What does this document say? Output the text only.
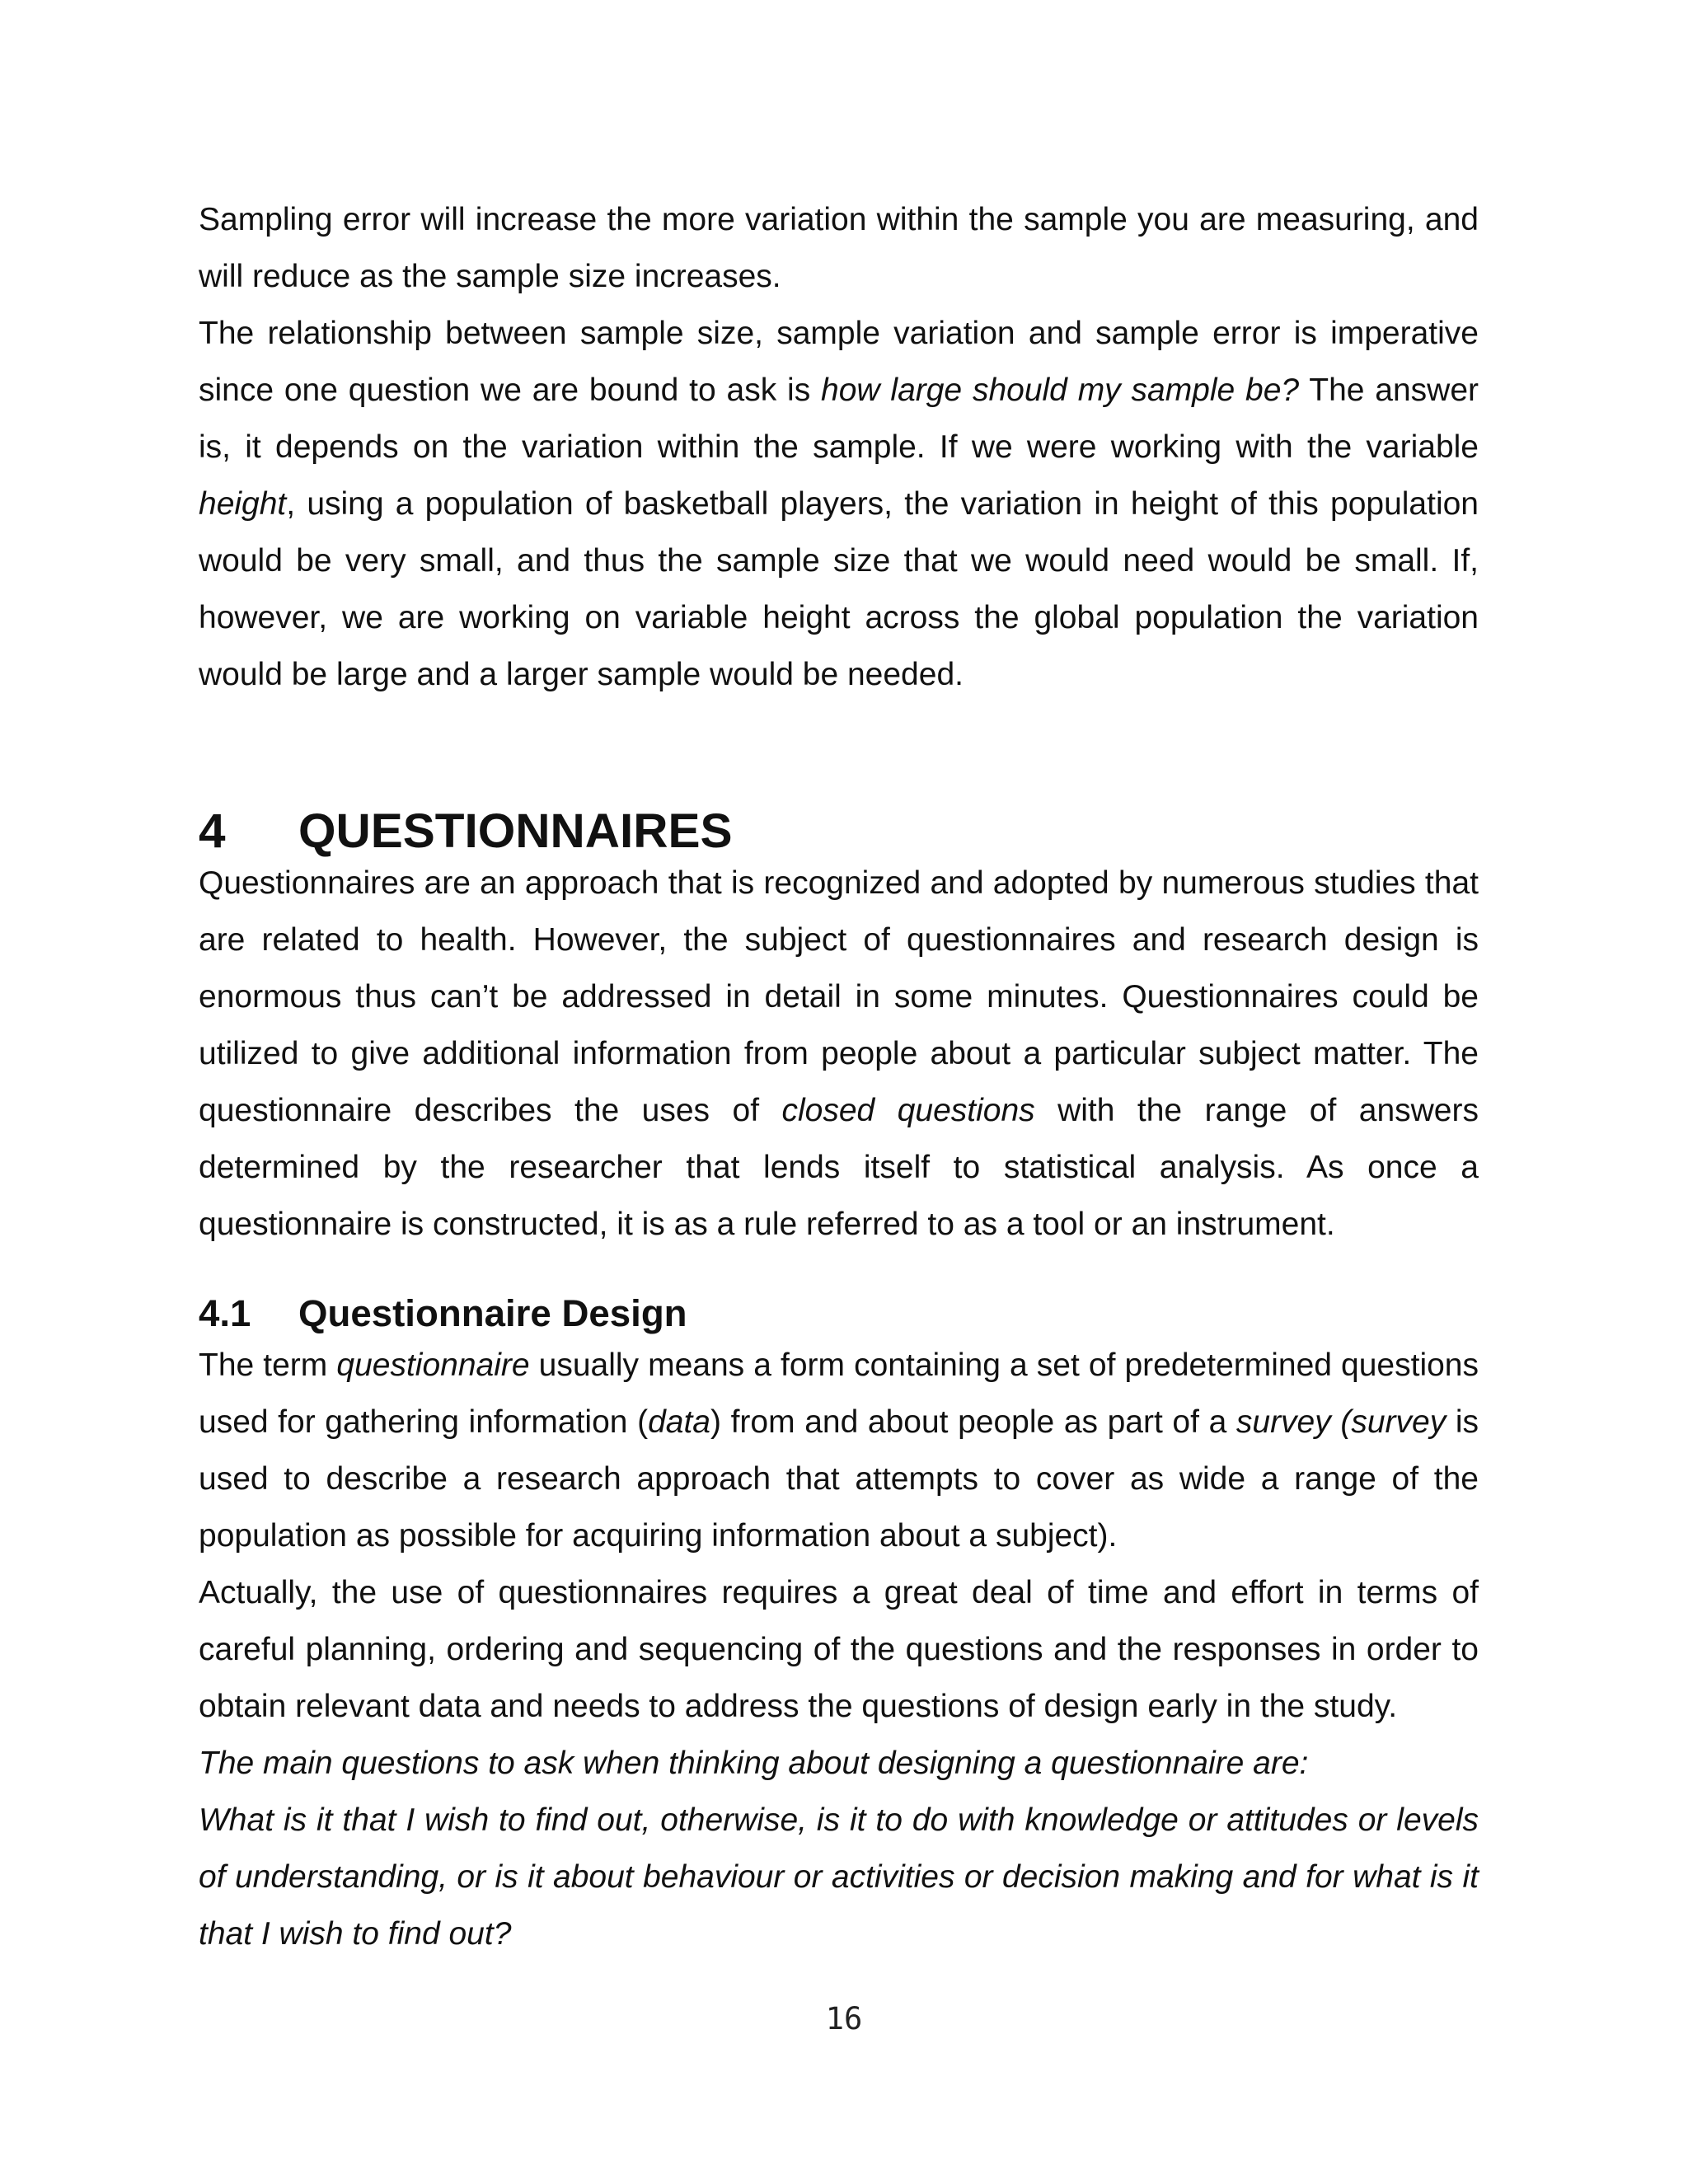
Sampling error will increase the more variation within the sample you are measuring, and will reduce as the sample size increases.

The relationship between sample size, sample variation and sample error is imperative since one question we are bound to ask is how large should my sample be? The answer is, it depends on the variation within the sample. If we were working with the variable height, using a population of basketball players, the variation in height of this population would be very small, and thus the sample size that we would need would be small. If, however, we are working on variable height across the global population the variation would be large and a larger sample would be needed.

4	QUESTIONNAIRES

Questionnaires are an approach that is recognized and adopted by numerous studies that are related to health. However, the subject of questionnaires and research design is enormous thus can’t be addressed in detail in some minutes. Questionnaires could be utilized to give additional information from people about a particular subject matter. The questionnaire describes the uses of closed questions with the range of answers determined by the researcher that lends itself to statistical analysis. As once a questionnaire is constructed, it is as a rule referred to as a tool or an instrument.

4.1	Questionnaire Design

The term questionnaire usually means a form containing a set of predetermined questions used for gathering information (data) from and about people as part of a survey (survey is used to describe a research approach that attempts to cover as wide a range of the population as possible for acquiring information about a subject).

Actually, the use of questionnaires requires a great deal of time and effort in terms of careful planning, ordering and sequencing of the questions and the responses in order to obtain relevant data and needs to address the questions of design early in the study.

The main questions to ask when thinking about designing a questionnaire are:

What is it that I wish to find out, otherwise, is it to do with knowledge or attitudes or levels of understanding, or is it about behaviour or activities or decision making and for what is it that I wish to find out?

16
